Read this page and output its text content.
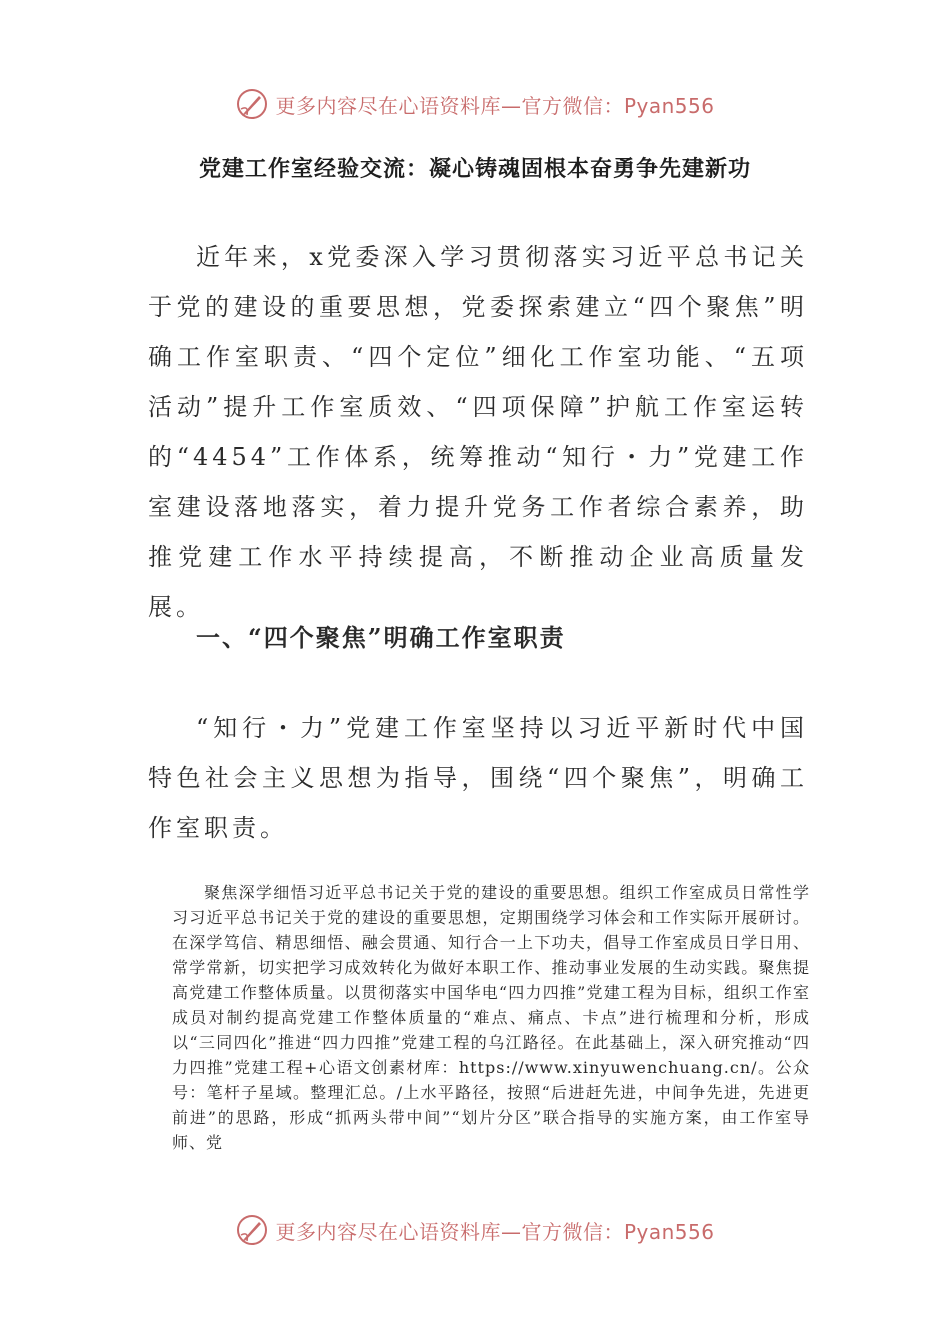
更多内容尽在心语资料库—官方微信：Pyan556
党建工作室经验交流：凝心铸魂固根本奋勇争先建新功

近年来，x党委深入学习贯彻落实习近平总书记关于党的建设的重要思想，党委探索建立“四个聚焦”明确工作室职责、“四个定位”细化工作室功能、“五项活动”提升工作室质效、“四项保障”护航工作室运转的“4454”工作体系，统筹推动“知行・力”党建工作室建设落地落实，着力提升党务工作者综合素养，助推党建工作水平持续提高，不断推动企业高质量发展。

一、“四个聚焦”明确工作室职责

“知行・力”党建工作室坚持以习近平新时代中国特色社会主义思想为指导，围绕“四个聚焦”，明确工作室职责。

聚焦深学细悟习近平总书记关于党的建设的重要思想。组织工作室成员日常性学习习近平总书记关于党的建设的重要思想，定期围绕学习体会和工作实际开展研讨。在深学笃信、精思细悟、融会贯通、知行合一上下功夫，倡导工作室成员日学日用、常学常新，切实把学习成效转化为做好本职工作、推动事业发展的生动实践。聚焦提高党建工作整体质量。以贯彻落实中国华电“四力四推”党建工程为目标，组织工作室成员对制约提高党建工作整体质量的“难点、痛点、卡点”进行梳理和分析，形成以“三同四化”推进“四力四推”党建工程的乌江路径。在此基础上，深入研究推动“四力四推”党建工程+心语文创素材库：https://www.xinyuwenchuang.cn/。公众号：笔杆子星域。整理汇总。/上水平路径，按照“后进赶先进，中间争先进，先进更前进”的思路，形成“抓两头带中间”“划片分区”联合指导的实施方案，由工作室导师、党

更多内容尽在心语资料库—官方微信：Pyan556
